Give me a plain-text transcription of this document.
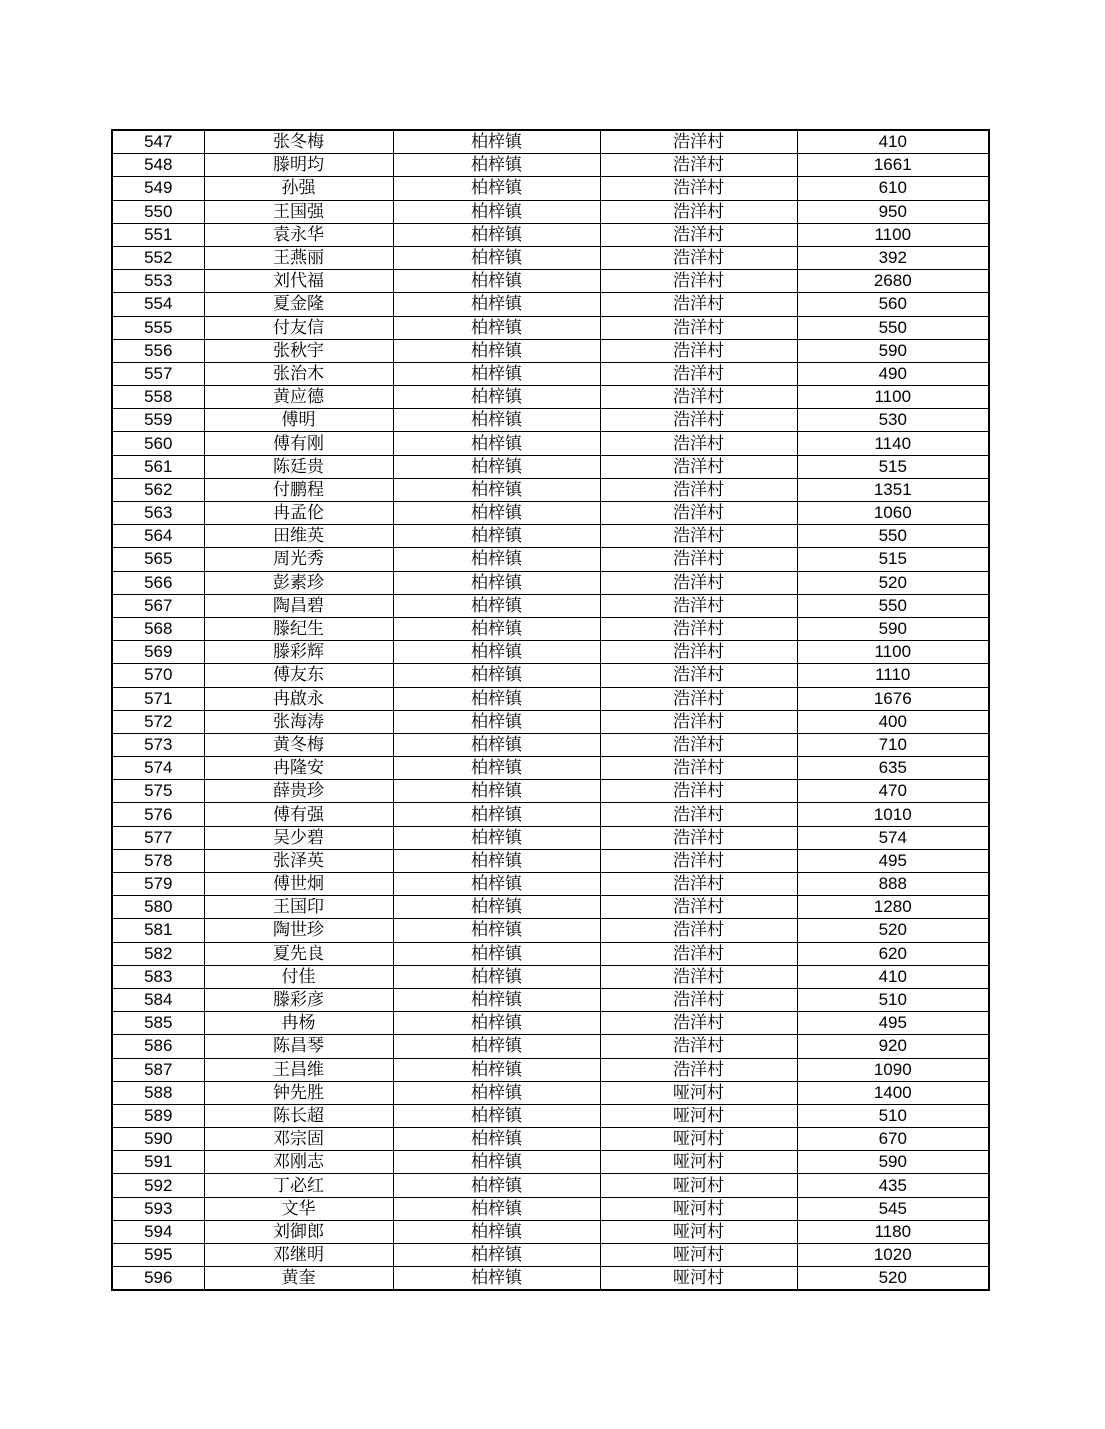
547	张冬梅	柏梓镇	浩洋村	410
548	滕明均	柏梓镇	浩洋村	1661
549	孙强	柏梓镇	浩洋村	610
550	王国强	柏梓镇	浩洋村	950
551	袁永华	柏梓镇	浩洋村	1100
552	王燕丽	柏梓镇	浩洋村	392
553	刘代福	柏梓镇	浩洋村	2680
554	夏金隆	柏梓镇	浩洋村	560
555	付友信	柏梓镇	浩洋村	550
556	张秋宇	柏梓镇	浩洋村	590
557	张治木	柏梓镇	浩洋村	490
558	黄应德	柏梓镇	浩洋村	1100
559	傅明	柏梓镇	浩洋村	530
560	傅有刚	柏梓镇	浩洋村	1140
561	陈廷贵	柏梓镇	浩洋村	515
562	付鹏程	柏梓镇	浩洋村	1351
563	冉孟伦	柏梓镇	浩洋村	1060
564	田维英	柏梓镇	浩洋村	550
565	周光秀	柏梓镇	浩洋村	515
566	彭素珍	柏梓镇	浩洋村	520
567	陶昌碧	柏梓镇	浩洋村	550
568	滕纪生	柏梓镇	浩洋村	590
569	滕彩辉	柏梓镇	浩洋村	1100
570	傅友东	柏梓镇	浩洋村	1110
571	冉啟永	柏梓镇	浩洋村	1676
572	张海涛	柏梓镇	浩洋村	400
573	黄冬梅	柏梓镇	浩洋村	710
574	冉隆安	柏梓镇	浩洋村	635
575	薛贵珍	柏梓镇	浩洋村	470
576	傅有强	柏梓镇	浩洋村	1010
577	吴少碧	柏梓镇	浩洋村	574
578	张泽英	柏梓镇	浩洋村	495
579	傅世炯	柏梓镇	浩洋村	888
580	王国印	柏梓镇	浩洋村	1280
581	陶世珍	柏梓镇	浩洋村	520
582	夏先良	柏梓镇	浩洋村	620
583	付佳	柏梓镇	浩洋村	410
584	滕彩彦	柏梓镇	浩洋村	510
585	冉杨	柏梓镇	浩洋村	495
586	陈昌琴	柏梓镇	浩洋村	920
587	王昌维	柏梓镇	浩洋村	1090
588	钟先胜	柏梓镇	哑河村	1400
589	陈长超	柏梓镇	哑河村	510
590	邓宗固	柏梓镇	哑河村	670
591	邓刚志	柏梓镇	哑河村	590
592	丁必红	柏梓镇	哑河村	435
593	文华	柏梓镇	哑河村	545
594	刘御郎	柏梓镇	哑河村	1180
595	邓继明	柏梓镇	哑河村	1020
596	黄奎	柏梓镇	哑河村	520
